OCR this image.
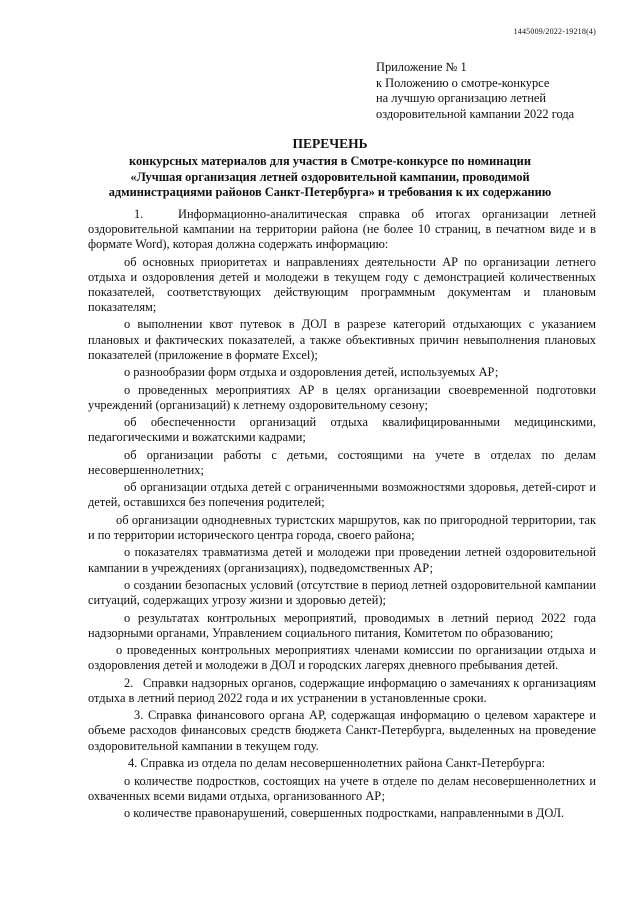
1445009/2022-19218(4)
Приложение № 1
к Положению о смотре-конкурсе
на лучшую организацию летней
оздоровительной кампании 2022 года
ПЕРЕЧЕНЬ
конкурсных материалов для участия в Смотре-конкурсе по номинации
«Лучшая организация летней оздоровительной кампании, проводимой
администрациями районов Санкт-Петербурга» и требования к их содержанию

1.   Информационно-аналитическая справка об итогах организации летней оздоровительной кампании на территории района (не более 10 страниц, в печатном виде и в формате Word), которая должна содержать информацию:

об основных приоритетах и направлениях деятельности АР по организации летнего отдыха и оздоровления детей и молодежи в текущем году с демонстрацией количественных показателей, соответствующих действующим программным документам и плановым показателям;

о выполнении квот путевок в ДОЛ в разрезе категорий отдыхающих с указанием плановых и фактических показателей, а также объективных причин невыполнения плановых показателей (приложение в формате Excel);

о разнообразии форм отдыха и оздоровления детей, используемых АР;

о проведенных мероприятиях АР в целях организации своевременной подготовки учреждений (организаций) к летнему оздоровительному сезону;

об обеспеченности организаций отдыха квалифицированными медицинскими, педагогическими и вожатскими кадрами;

об организации работы с детьми, состоящими на учете в отделах по делам несовершеннолетних;

об организации отдыха детей с ограниченными возможностями здоровья, детей-сирот и детей, оставшихся без попечения родителей;

об организации однодневных туристских маршрутов, как по пригородной территории, так и по территории исторического центра города, своего района;

о показателях травматизма детей и молодежи при проведении летней оздоровительной кампании в учреждениях (организациях), подведомственных АР;

о создании безопасных условий (отсутствие в период летней оздоровительной кампании ситуаций, содержащих угрозу жизни и здоровью детей);

о результатах контрольных мероприятий, проводимых в летний период 2022 года надзорными органами, Управлением социального питания, Комитетом по образованию;

о проведенных контрольных мероприятиях членами комиссии по организации отдыха и оздоровления детей и молодежи в ДОЛ и городских лагерях дневного пребывания детей.

2.   Справки надзорных органов, содержащие информацию о замечаниях к организациям отдыха в летний период 2022 года и их устранении в установленные сроки.

3. Справка финансового органа АР, содержащая информацию о целевом характере и объеме расходов финансовых средств бюджета Санкт-Петербурга, выделенных на проведение оздоровительной кампании в текущем году.

4. Справка из отдела по делам несовершеннолетних района Санкт-Петербурга:

о количестве подростков, состоящих на учете в отделе по делам несовершеннолетних и охваченных всеми видами отдыха, организованного АР;

о количестве правонарушений, совершенных подростками, направленными в ДОЛ.
